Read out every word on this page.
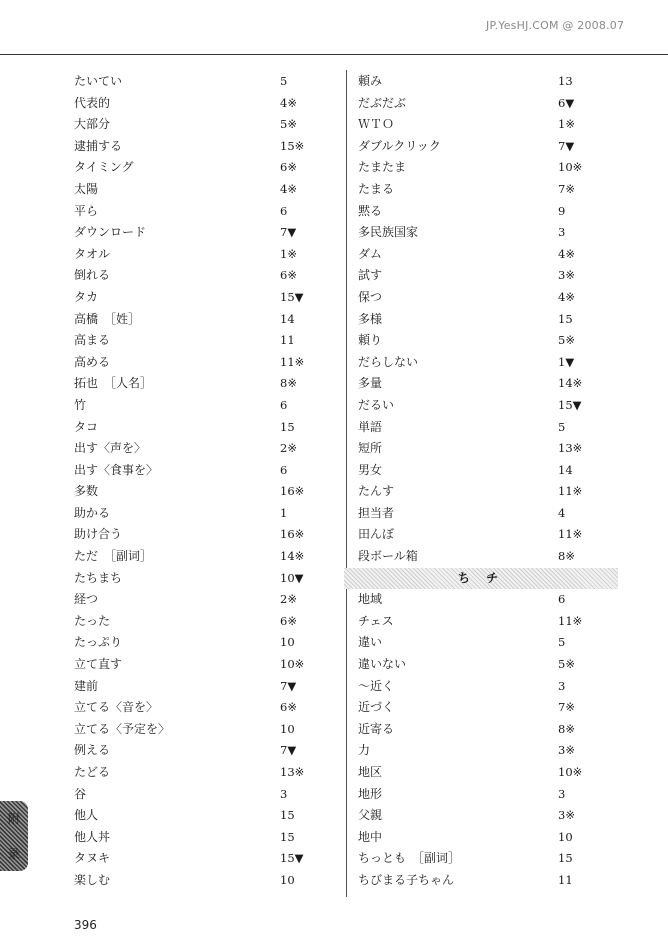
JP.YesHJ.COM @ 2008.07
たいてい	5
代表的	4※
大部分	5※
逮捕する	15※
タイミング	6※
太陽	4※
平ら	6
ダウンロード	7▼
タオル	1※
倒れる	6※
タカ	15▼
高橋　［姓］	14
高まる	11
高める	11※
拓也　［人名］	8※
竹	6
タコ	15
出す〈声を〉	2※
出す〈食事を〉	6
多数	16※
助かる	1
助け合う	16※
ただ　［副词］	14※
たちまち	10▼
経つ	2※
たった	6※
たっぷり	10
立て直す	10※
建前	7▼
立てる〈音を〉	6※
立てる〈予定を〉	10
例える	7▼
たどる	13※
谷	3
他人	15
他人丼	15
タヌキ	15▼
楽しむ	10
頼み	13
だぶだぶ	6▼
ＷＴＯ	1※
ダブルクリック	7▼
たまたま	10※
たまる	7※
黙る	9
多民族国家	3
ダム	4※
試す	3※
保つ	4※
多様	15
頼り	5※
だらしない	1▼
多量	14※
だるい	15▼
単語	5
短所	13※
男女	14
たんす	11※
担当者	4
田んぼ	11※
段ボール箱	8※
ち チ
地域	6
チェス	11※
違い	5
違いない	5※
～近く	3
近づく	7※
近寄る	8※
力	3※
地区	10※
地形	3
父親	3※
地中	10
ちっとも　［副词］	15
ちびまる子ちゃん	11
附
录
396
